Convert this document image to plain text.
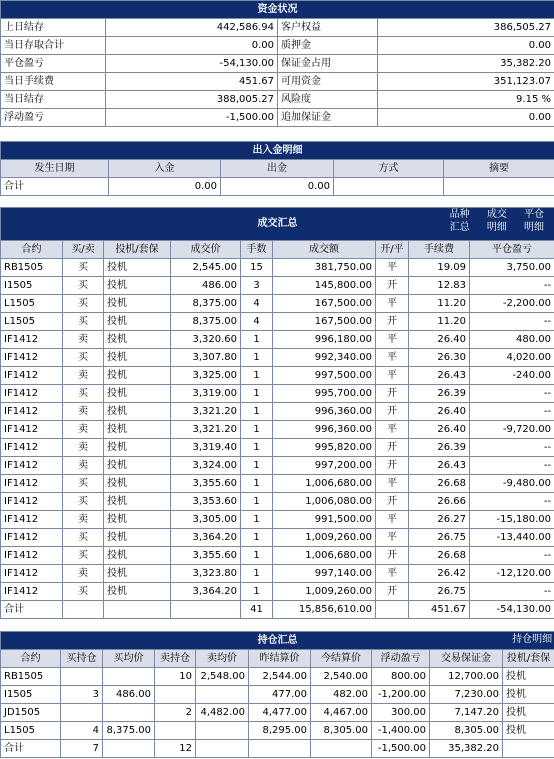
资金状况			
上日结存	442,586.94	客户权益	386,505.27
当日存取合计	0.00	质押金	0.00
平仓盈亏	-54,130.00	保证金占用	35,382.20
当日手续费	451.67	可用资金	351,123.07
当日结存	388,005.27	风险度	9.15 %
浮动盈亏	-1,500.00	追加保证金	0.00
出入金明细				
发生日期	入金	出金	方式	摘要
合计	0.00	0.00		
成交汇总
品种汇总 成交明细 平仓明细								

合约	买/卖	投机/套保	成交价	手数	成交额	开/平	手续费	平仓盈亏
RB1505	买	投机	2,545.00	15	381,750.00	平	19.09	3,750.00
I1505	买	投机	486.00	3	145,800.00	开	12.83	--
L1505	买	投机	8,375.00	4	167,500.00	平	11.20	-2,200.00
L1505	买	投机	8,375.00	4	167,500.00	开	11.20	--
IF1412	卖	投机	3,320.60	1	996,180.00	平	26.40	480.00
IF1412	买	投机	3,307.80	1	992,340.00	平	26.30	4,020.00
IF1412	卖	投机	3,325.00	1	997,500.00	平	26.43	-240.00
IF1412	买	投机	3,319.00	1	995,700.00	开	26.39	--
IF1412	卖	投机	3,321.20	1	996,360.00	开	26.40	--
IF1412	卖	投机	3,321.20	1	996,360.00	平	26.40	-9,720.00
IF1412	卖	投机	3,319.40	1	995,820.00	开	26.39	--
IF1412	卖	投机	3,324.00	1	997,200.00	开	26.43	--
IF1412	买	投机	3,355.60	1	1,006,680.00	平	26.68	-9,480.00
IF1412	买	投机	3,353.60	1	1,006,080.00	开	26.66	--
IF1412	卖	投机	3,305.00	1	991,500.00	平	26.27	-15,180.00
IF1412	买	投机	3,364.20	1	1,009,260.00	平	26.75	-13,440.00
IF1412	买	投机	3,355.60	1	1,006,680.00	开	26.68	--
IF1412	卖	投机	3,323.80	1	997,140.00	平	26.42	-12,120.00
IF1412	买	投机	3,364.20	1	1,009,260.00	开	26.75	--
合计				41	15,856,610.00		451.67	-54,130.00
持仓汇总 持仓明细									

合约	买持仓	买均价	卖持仓	卖均价	昨结算价	今结算价	浮动盈亏	交易保证金	投机/套保
RB1505			10	2,548.00	2,544.00	2,540.00	800.00	12,700.00	投机
I1505	3	486.00			477.00	482.00	-1,200.00	7,230.00	投机
JD1505			2	4,482.00	4,477.00	4,467.00	300.00	7,147.20	投机
L1505	4	8,375.00			8,295.00	8,305.00	-1,400.00	8,305.00	投机
合计	7		12				-1,500.00	35,382.20	
